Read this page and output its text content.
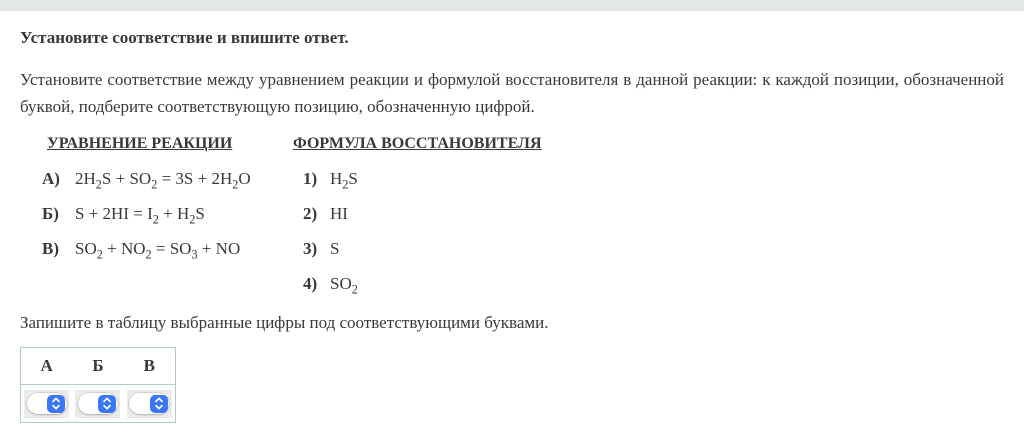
Установите соответствие и впишите ответ.
Установите соответствие между уравнением реакции и формулой восстановителя в данной реакции: к каждой позиции, обозначенной буквой, подберите соответствующую позицию, обозначенную цифрой.
УРАВНЕНИЕ РЕАКЦИИ
А) $2H_2S + SO_2 = 3S + 2H_2O$
Б) $S + 2HI = I_2 + H_2S$
В) $SO_2 + NO_2 = SO_3$ + NO
ФОРМУЛА ВОССТАНОВИТЕЛЯ
1) $H_2S$
2) HI
3) S
4) $SO_2$
Запишите в таблицу выбранные цифры под соответствующими буквами.
А	Б	В
